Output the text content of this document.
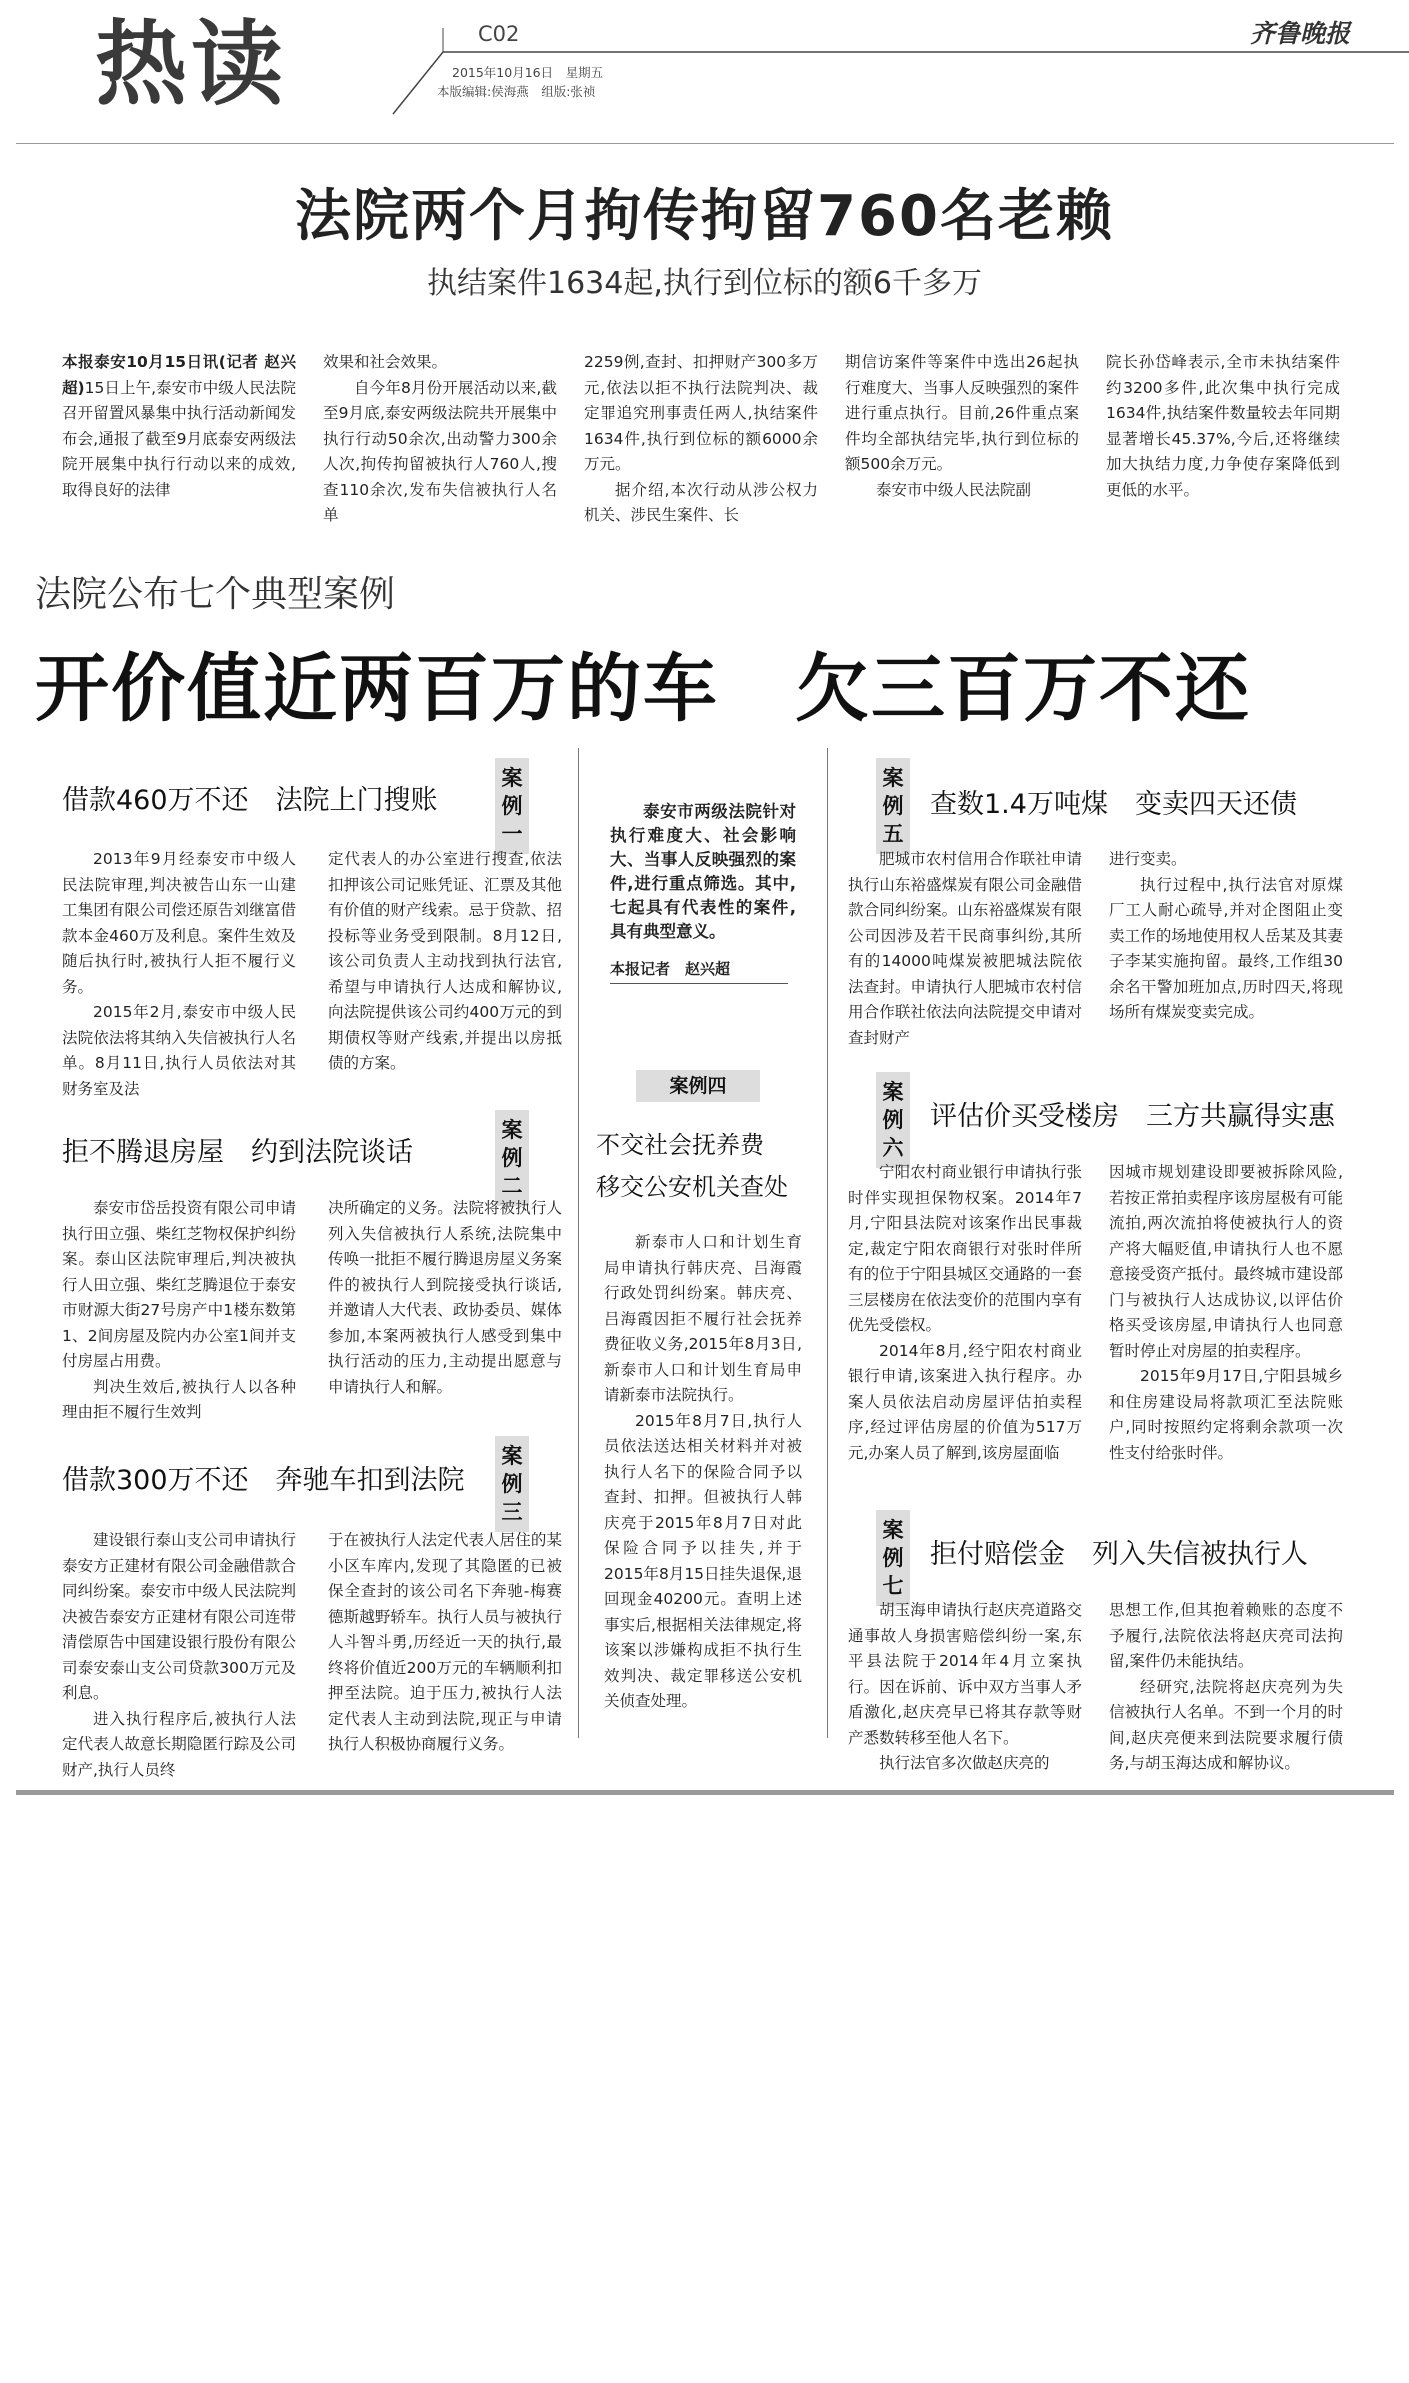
热读	C02
2015年10月16日　星期五
本版编辑:侯海燕　组版:张祯
齐鲁晚报
法院两个月拘传拘留760名老赖
执结案件1634起,执行到位标的额6千多万

本报泰安10月15日讯(记者 赵兴超)15日上午,泰安市中级人民法院召开留置风暴集中执行活动新闻发布会,通报了截至9月底泰安两级法院开展集中执行行动以来的成效,取得良好的法律

效果和社会效果。

自今年8月份开展活动以来,截至9月底,泰安两级法院共开展集中执行行动50余次,出动警力300余人次,拘传拘留被执行人760人,搜查110余次,发布失信被执行人名单

2259例,查封、扣押财产300多万元,依法以拒不执行法院判决、裁定罪追究刑事责任两人,执结案件1634件,执行到位标的额6000余万元。

据介绍,本次行动从涉公权力机关、涉民生案件、长

期信访案件等案件中选出26起执行难度大、当事人反映强烈的案件进行重点执行。目前,26件重点案件均全部执结完毕,执行到位标的额500余万元。

泰安市中级人民法院副

院长孙岱峰表示,全市未执结案件约3200多件,此次集中执行完成1634件,执结案件数量较去年同期显著增长45.37%,今后,还将继续加大执结力度,力争使存案降低到更低的水平。

法院公布七个典型案例
开价值近两百万的车　欠三百万不还
借款460万不还　法院上门搜账
案例一

2013年9月经泰安市中级人民法院审理,判决被告山东一山建工集团有限公司偿还原告刘继富借款本金460万及利息。案件生效及随后执行时,被执行人拒不履行义务。

2015年2月,泰安市中级人民法院依法将其纳入失信被执行人名单。8月11日,执行人员依法对其财务室及法

定代表人的办公室进行搜查,依法扣押该公司记账凭证、汇票及其他有价值的财产线索。忌于贷款、招投标等业务受到限制。8月12日,该公司负责人主动找到执行法官,希望与申请执行人达成和解协议,向法院提供该公司约400万元的到期债权等财产线索,并提出以房抵债的方案。

拒不腾退房屋　约到法院谈话
案例二

泰安市岱岳投资有限公司申请执行田立强、柴红芝物权保护纠纷案。泰山区法院审理后,判决被执行人田立强、柴红芝腾退位于泰安市财源大街27号房产中1楼东数第1、2间房屋及院内办公室1间并支付房屋占用费。

判决生效后,被执行人以各种理由拒不履行生效判

决所确定的义务。法院将被执行人列入失信被执行人系统,法院集中传唤一批拒不履行腾退房屋义务案件的被执行人到院接受执行谈话,并邀请人大代表、政协委员、媒体参加,本案两被执行人感受到集中执行活动的压力,主动提出愿意与申请执行人和解。

借款300万不还　奔驰车扣到法院
案例三

建设银行泰山支公司申请执行泰安方正建材有限公司金融借款合同纠纷案。泰安市中级人民法院判决被告泰安方正建材有限公司连带清偿原告中国建设银行股份有限公司泰安泰山支公司贷款300万元及利息。

进入执行程序后,被执行人法定代表人故意长期隐匿行踪及公司财产,执行人员终

于在被执行人法定代表人居住的某小区车库内,发现了其隐匿的已被保全查封的该公司名下奔驰-梅赛德斯越野轿车。执行人员与被执行人斗智斗勇,历经近一天的执行,最终将价值近200万元的车辆顺利扣押至法院。迫于压力,被执行人法定代表人主动到法院,现正与申请执行人积极协商履行义务。

泰安市两级法院针对执行难度大、社会影响大、当事人反映强烈的案件,进行重点筛选。其中,七起具有代表性的案件,具有典型意义。
本报记者　赵兴超
案例四
不交社会抚养费
移交公安机关查处

新泰市人口和计划生育局申请执行韩庆亮、吕海霞行政处罚纠纷案。韩庆亮、吕海霞因拒不履行社会抚养费征收义务,2015年8月3日,新泰市人口和计划生育局申请新泰市法院执行。

2015年8月7日,执行人员依法送达相关材料并对被执行人名下的保险合同予以查封、扣押。但被执行人韩庆亮于2015年8月7日对此保险合同予以挂失,并于2015年8月15日挂失退保,退回现金40200元。查明上述事实后,根据相关法律规定,将该案以涉嫌构成拒不执行生效判决、裁定罪移送公安机关侦查处理。

案例五
查数1.4万吨煤　变卖四天还债

肥城市农村信用合作联社申请执行山东裕盛煤炭有限公司金融借款合同纠纷案。山东裕盛煤炭有限公司因涉及若干民商事纠纷,其所有的14000吨煤炭被肥城法院依法查封。申请执行人肥城市农村信用合作联社依法向法院提交申请对查封财产

进行变卖。

执行过程中,执行法官对原煤厂工人耐心疏导,并对企图阻止变卖工作的场地使用权人岳某及其妻子李某实施拘留。最终,工作组30余名干警加班加点,历时四天,将现场所有煤炭变卖完成。

案例六
评估价买受楼房　三方共赢得实惠

宁阳农村商业银行申请执行张时伴实现担保物权案。2014年7月,宁阳县法院对该案作出民事裁定,裁定宁阳农商银行对张时伴所有的位于宁阳县城区交通路的一套三层楼房在依法变价的范围内享有优先受偿权。

2014年8月,经宁阳农村商业银行申请,该案进入执行程序。办案人员依法启动房屋评估拍卖程序,经过评估房屋的价值为517万元,办案人员了解到,该房屋面临

因城市规划建设即要被拆除风险,若按正常拍卖程序该房屋极有可能流拍,两次流拍将使被执行人的资产将大幅贬值,申请执行人也不愿意接受资产抵付。最终城市建设部门与被执行人达成协议,以评估价格买受该房屋,申请执行人也同意暂时停止对房屋的拍卖程序。

2015年9月17日,宁阳县城乡和住房建设局将款项汇至法院账户,同时按照约定将剩余款项一次性支付给张时伴。

案例七
拒付赔偿金　列入失信被执行人

胡玉海申请执行赵庆亮道路交通事故人身损害赔偿纠纷一案,东平县法院于2014年4月立案执行。因在诉前、诉中双方当事人矛盾激化,赵庆亮早已将其存款等财产悉数转移至他人名下。

执行法官多次做赵庆亮的

思想工作,但其抱着赖账的态度不予履行,法院依法将赵庆亮司法拘留,案件仍未能执结。

经研究,法院将赵庆亮列为失信被执行人名单。不到一个月的时间,赵庆亮便来到法院要求履行债务,与胡玉海达成和解协议。
